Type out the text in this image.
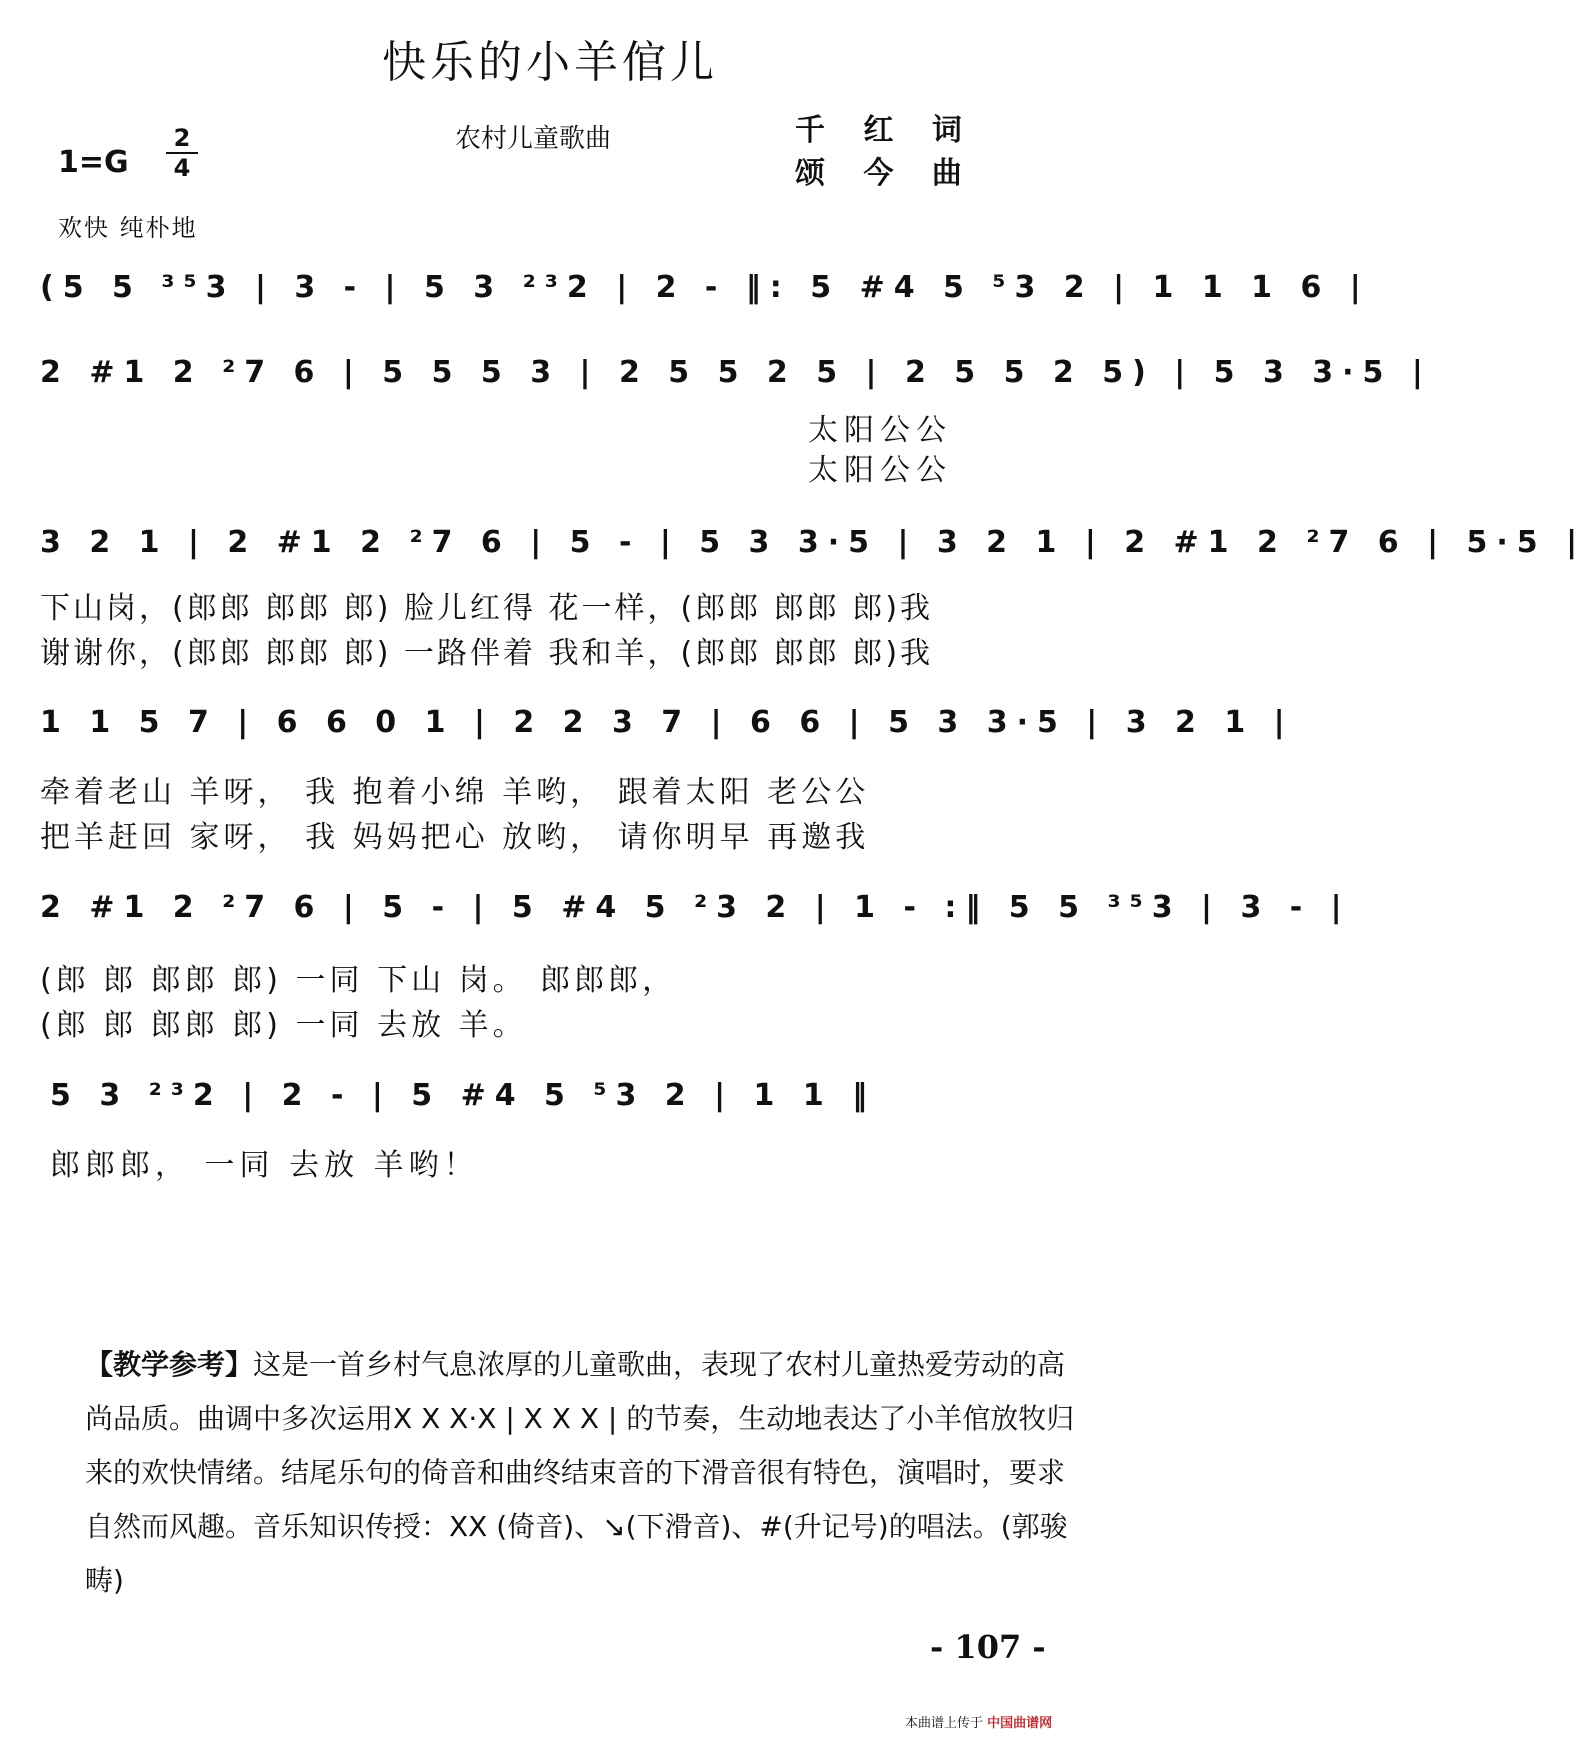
快乐的小羊倌儿
农村儿童歌曲	千 红 词
颂 今 曲
1=G
2
4
欢快 纯朴地
(5 5 ³⁵3 | 3 - | 5 3 ²³2 | 2 - ‖: 5 #4 5 ⁵3 2 | 1 1 1 6 |
2 #1 2 ²7 6 | 5 5 5 3 | 2 5 5 2 5 | 2 5 5 2 5) | 5 3 3·5 |
太阳公公
太阳公公
3 2 1 | 2 #1 2 ²7 6 | 5 - | 5 3 3·5 | 3 2 1 | 2 #1 2 ²7 6 | 5·5 |
下山岗，(郎郎 郎郎 郎) 脸儿红得 花一样，(郎郎 郎郎 郎)我
谢谢你，(郎郎 郎郎 郎) 一路伴着 我和羊，(郎郎 郎郎 郎)我
1 1 5 7 | 6 6 0 1 | 2 2 3 7 | 6 6 | 5 3 3·5 | 3 2 1 |
牵着老山 羊呀， 我 抱着小绵 羊哟， 跟着太阳 老公公
把羊赶回 家呀， 我 妈妈把心 放哟， 请你明早 再邀我
2 #1 2 ²7 6 | 5 - | 5 #4 5 ²3 2 | 1 - :‖ 5 5 ³⁵3 | 3 - |
(郎 郎 郎郎 郎) 一同 下山 岗。 郎郎郎，
(郎 郎 郎郎 郎) 一同 去放 羊。
5 3 ²³2 | 2 - | 5 #4 5 ⁵3 2 | 1 1 ‖
郎郎郎， 一同 去放 羊哟！
【教学参考】这是一首乡村气息浓厚的儿童歌曲，表现了农村儿童热爱劳动的高尚品质。曲调中多次运用X X X·X | X X X | 的节奏，生动地表达了小羊倌放牧归来的欢快情绪。结尾乐句的倚音和曲终结束音的下滑音很有特色，演唱时，要求自然而风趣。音乐知识传授：XX (倚音)、↘(下滑音)、#(升记号)的唱法。(郭骏畴)
- 107 -
本曲谱上传于 中国曲谱网
